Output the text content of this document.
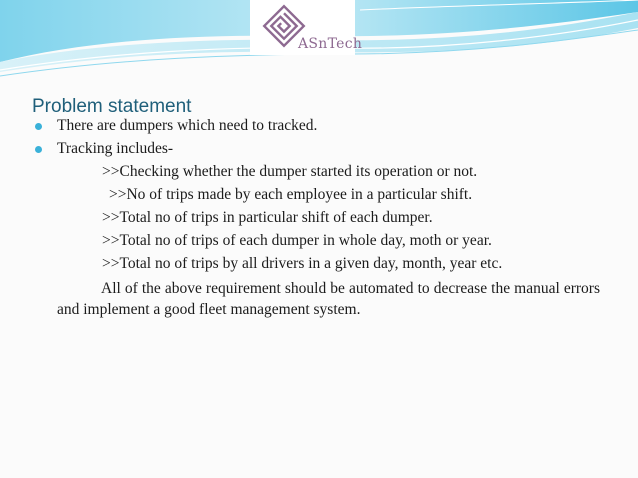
ASnTech
Problem statement
There are dumpers which need to tracked.
Tracking includes-
>>Checking whether the dumper started its operation or not.
>>No of trips made by each employee in a particular shift.
>>Total no of trips in particular shift of each dumper.
>>Total no of trips of each dumper in whole day, moth or year.
>>Total no of trips by all drivers in a given day, month, year etc.
All of the above requirement should be automated to decrease the manual errors and implement a good fleet management system.
